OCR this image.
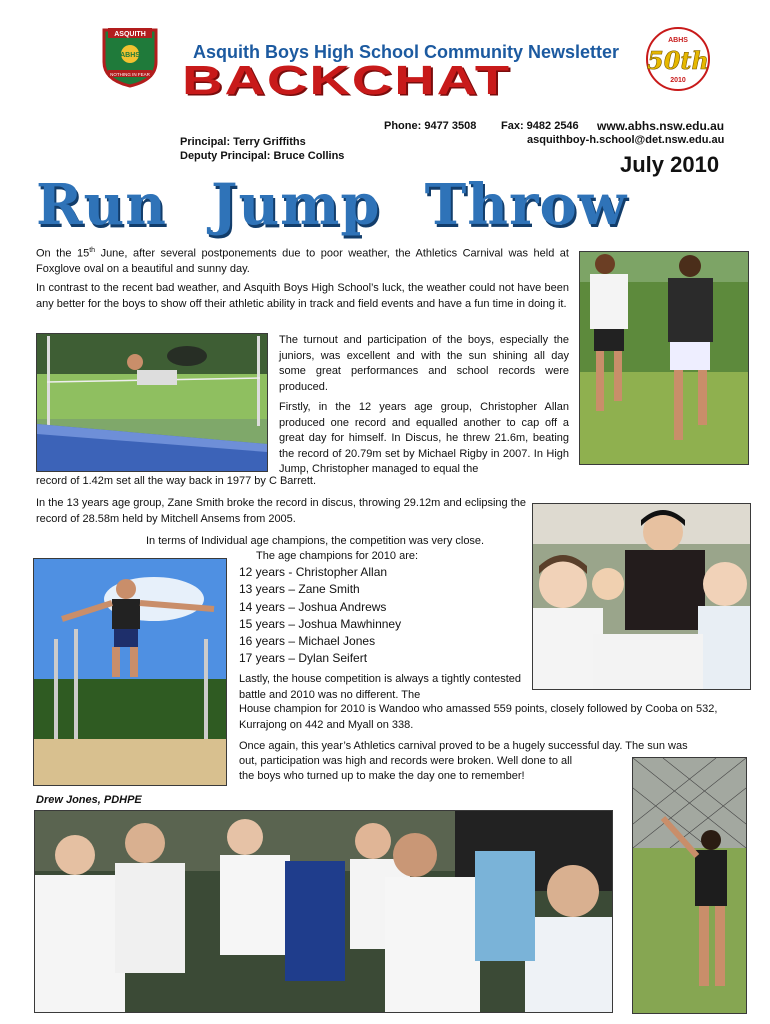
ASQUITH
ABHS
NOTHING IN FEAR
Asquith Boys High School Community Newsletter
BACKCHAT
ABHS
50th
2010
Phone: 9477 3508 Fax: 9482 2546 www.abhs.nsw.edu.au
asquithboy-h.school@det.nsw.edu.au
Principal: Terry Griffiths
Deputy Principal: Bruce Collins	July 2010
Run Jump Throw
On the 15th June, after several postponements due to poor weather, the Athletics Carnival was held at Foxglove oval on a beautiful and sunny day.
In contrast to the recent bad weather, and Asquith Boys High School’s luck, the weather could not have been any better for the boys to show off their athletic ability in track and field events and have a fun time in doing it.
The turnout and participation of the boys, especially the juniors, was excellent and with the sun shining all day some great performances and school records were produced.
Firstly, in the 12 years age group, Christopher Allan produced one record and equalled another to cap off a great day for himself. In Discus, he threw 21.6m, beating the record of 20.79m set by Michael Rigby in 2007. In High Jump, Christopher managed to equal the
record of 1.42m set all the way back in 1977 by C Barrett.
In the 13 years age group, Zane Smith broke the record in discus, throwing 29.12m and eclipsing the record of 28.58m held by Mitchell Ansems from 2005.
In terms of Individual age champions, the competition was very close.
The age champions for 2010 are:
12 years - Christopher Allan
13 years – Zane Smith
14 years – Joshua Andrews
15 years – Joshua Mawhinney
16 years – Michael Jones
17 years – Dylan Seifert
Lastly, the house competition is always a tightly contested battle and 2010 was no different. The
House champion for 2010 is Wandoo who amassed 559 points, closely followed by Cooba on 532, Kurrajong on 442 and Myall on 338.
Once again, this year’s Athletics carnival proved to be a hugely successful day. The sun was
out, participation was high and records were broken. Well done to all
the boys who turned up to make the day one to remember!
Drew Jones, PDHPE
